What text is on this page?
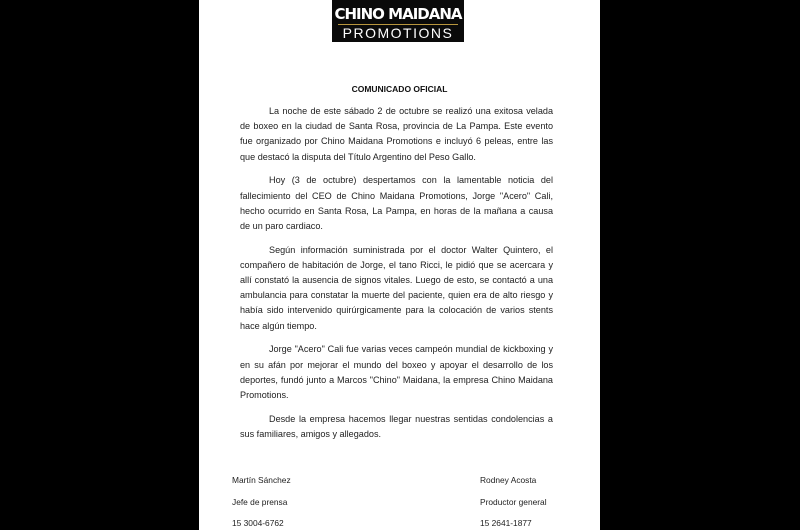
CHINO MAIDANA
PROMOTIONS
COMUNICADO OFICIAL

La noche de este sábado 2 de octubre se realizó una exitosa velada de boxeo en la ciudad de Santa Rosa, provincia de La Pampa. Este evento fue organizado por Chino Maidana Promotions e incluyó 6 peleas, entre las que destacó la disputa del Título Argentino del Peso Gallo.

Hoy (3 de octubre) despertamos con la lamentable noticia del fallecimiento del CEO de Chino Maidana Promotions, Jorge "Acero" Cali, hecho ocurrido en Santa Rosa, La Pampa, en horas de la mañana a causa de un paro cardiaco.

Según información suministrada por el doctor Walter Quintero, el compañero de habitación de Jorge, el tano Ricci, le pidió que se acercara y allí constató la ausencia de signos vitales. Luego de esto, se contactó a una ambulancia para constatar la muerte del paciente, quien era de alto riesgo y había sido intervenido quirúrgicamente para la colocación de varios stents hace algún tiempo.

Jorge "Acero" Cali fue varias veces campeón mundial de kickboxing y en su afán por mejorar el mundo del boxeo y apoyar el desarrollo de los deportes, fundó junto a Marcos "Chino" Maidana, la empresa Chino Maidana Promotions.

Desde la empresa hacemos llegar nuestras sentidas condolencias a sus familiares, amigos y allegados.

Martín Sánchez
Jefe de prensa
15 3004-6762
Rodney Acosta
Productor general
15 2641-1877
